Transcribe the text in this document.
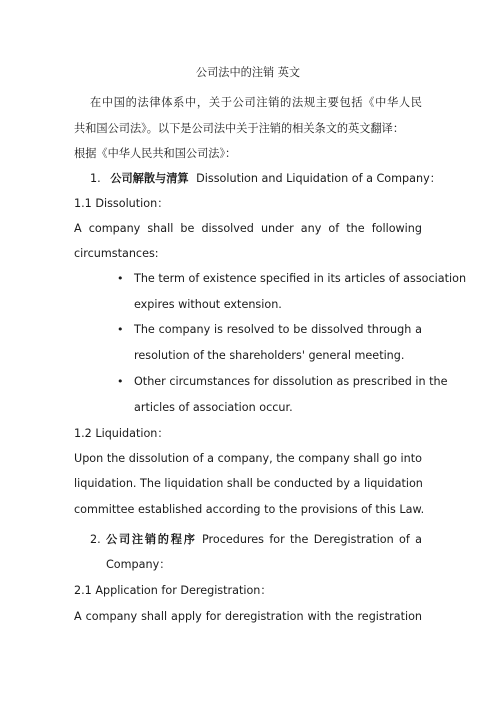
公司法中的注销 英文
在中国的法律体系中，关于公司注销的法规主要包括《中华人民
共和国公司法》。以下是公司法中关于注销的相关条文的英文翻译：
根据《中华人民共和国公司法》：
1. 公司解散与清算 Dissolution and Liquidation of a Company：
1.1 Dissolution：
A company shall be dissolved under any of the following
circumstances:
• The term of existence specified in its articles of association
expires without extension.
• The company is resolved to be dissolved through a
resolution of the shareholders' general meeting.
• Other circumstances for dissolution as prescribed in the
articles of association occur.
1.2 Liquidation：
Upon the dissolution of a company, the company shall go into
liquidation. The liquidation shall be conducted by a liquidation
committee established according to the provisions of this Law.
2. 公司注销的程序 Procedures for the Deregistration of a
Company：
2.1 Application for Deregistration：
A company shall apply for deregistration with the registration
